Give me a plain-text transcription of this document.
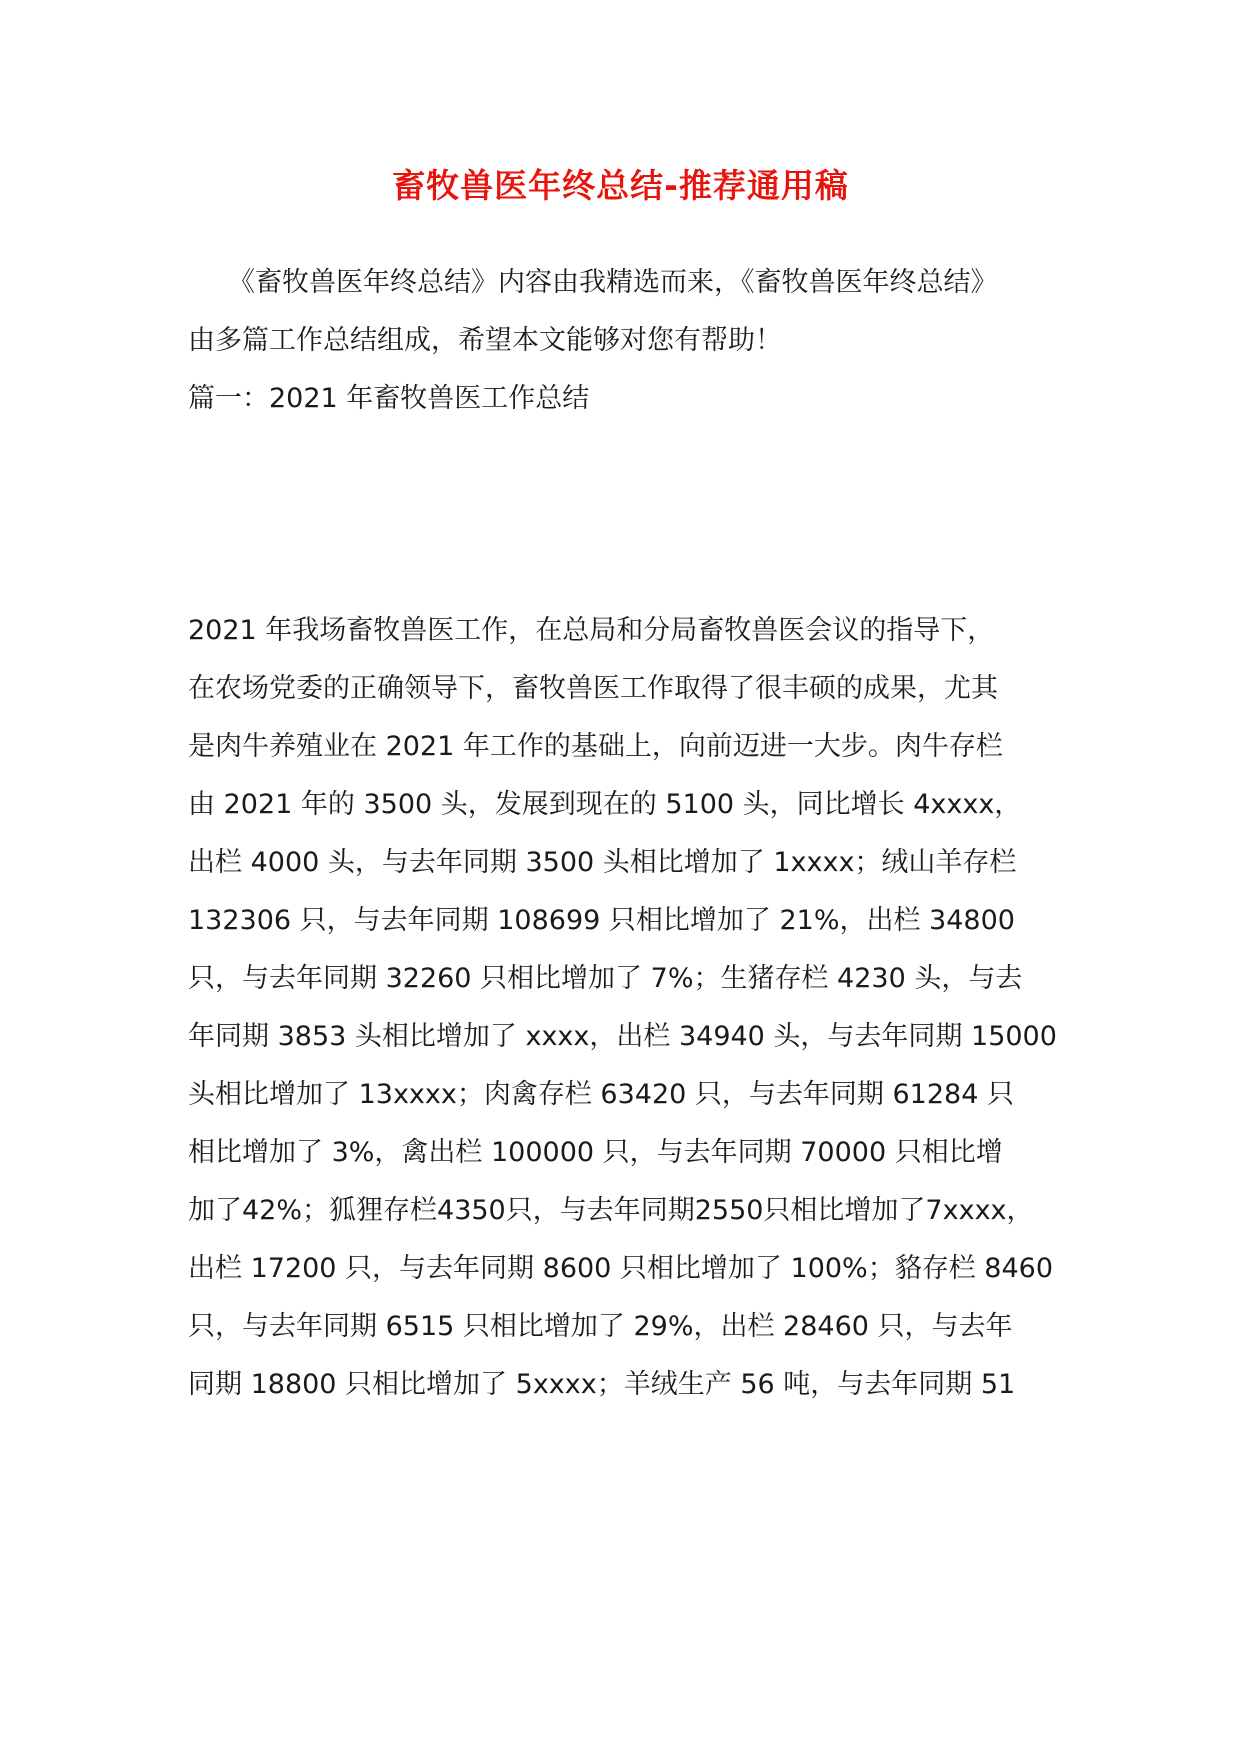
畜牧兽医年终总结-推荐通用稿
《畜牧兽医年终总结》内容由我精选而来，《畜牧兽医年终总结》
由多篇工作总结组成，希望本文能够对您有帮助！
篇一：2021 年畜牧兽医工作总结
2021 年我场畜牧兽医工作，在总局和分局畜牧兽医会议的指导下，
在农场党委的正确领导下，畜牧兽医工作取得了很丰硕的成果，尤其
是肉牛养殖业在 2021 年工作的基础上，向前迈进一大步。肉牛存栏
由 2021 年的 3500 头，发展到现在的 5100 头，同比增长 4xxxx，
出栏 4000 头，与去年同期 3500 头相比增加了 1xxxx；绒山羊存栏
132306 只，与去年同期 108699 只相比增加了 21%，出栏 34800
只，与去年同期 32260 只相比增加了 7%；生猪存栏 4230 头，与去
年同期 3853 头相比增加了 xxxx，出栏 34940 头，与去年同期 15000
头相比增加了 13xxxx；肉禽存栏 63420 只，与去年同期 61284 只
相比增加了 3%，禽出栏 100000 只，与去年同期 70000 只相比增
加了42%；狐狸存栏4350只，与去年同期2550只相比增加了7xxxx，
出栏 17200 只，与去年同期 8600 只相比增加了 100%；貉存栏 8460
只，与去年同期 6515 只相比增加了 29%，出栏 28460 只，与去年
同期 18800 只相比增加了 5xxxx；羊绒生产 56 吨，与去年同期 51
